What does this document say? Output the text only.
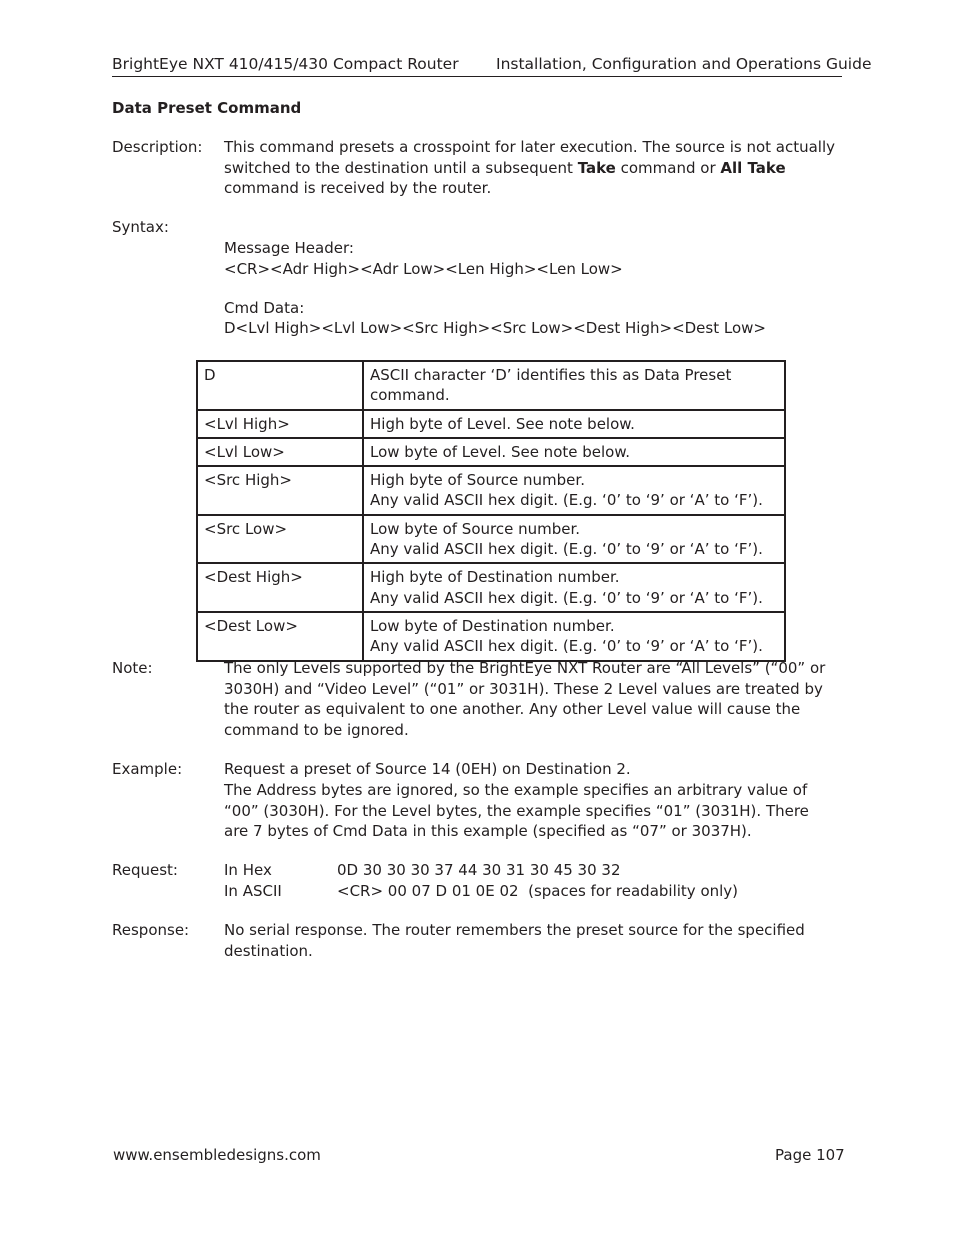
BrightEye NXT 410/415/430 Compact Router Installation, Configuration and Operations Guide
Data Preset Command
Description: This command presets a crosspoint for later execution. The source is not actually switched to the destination until a subsequent Take command or All Take command is received by the router.
Syntax:
Message Header:
<CR><Adr High><Adr Low><Len High><Len Low>
Cmd Data:
D<Lvl High><Lvl Low><Src High><Src Low><Dest High><Dest Low>
D	ASCII character ‘D’ identifies this as Data Preset command.

<Lvl High>	High byte of Level. See note below.

<Lvl Low>	Low byte of Level. See note below.

<Src High>	High byte of Source number.
Any valid ASCII hex digit. (E.g. ‘0’ to ‘9’ or ‘A’ to ‘F’).

<Src Low>	Low byte of Source number.
Any valid ASCII hex digit. (E.g. ‘0’ to ‘9’ or ‘A’ to ‘F’).

<Dest High>	High byte of Destination number.
Any valid ASCII hex digit. (E.g. ‘0’ to ‘9’ or ‘A’ to ‘F’).

<Dest Low>	Low byte of Destination number.
Any valid ASCII hex digit. (E.g. ‘0’ to ‘9’ or ‘A’ to ‘F’).
Note:	The only Levels supported by the BrightEye NXT Router are “All Levels” (“00” or 3030H) and “Video Level” (“01” or 3031H). These 2 Level values are treated by the router as equivalent to one another. Any other Level value will cause the command to be ignored.
Example:	Request a preset of Source 14 (0EH) on Destination 2.
The Address bytes are ignored, so the example specifies an arbitrary value of “00” (3030H). For the Level bytes, the example specifies “01” (3031H). There are 7 bytes of Cmd Data in this example (specified as “07” or 3037H).
Request:	In Hex	0D 30 30 30 37 44 30 31 30 45 30 32
In ASCII	<CR> 00 07 D 01 0E 02  (spaces for readability only)
Response: No serial response. The router remembers the preset source for the specified destination.
www.ensembledesigns.com	Page 107
